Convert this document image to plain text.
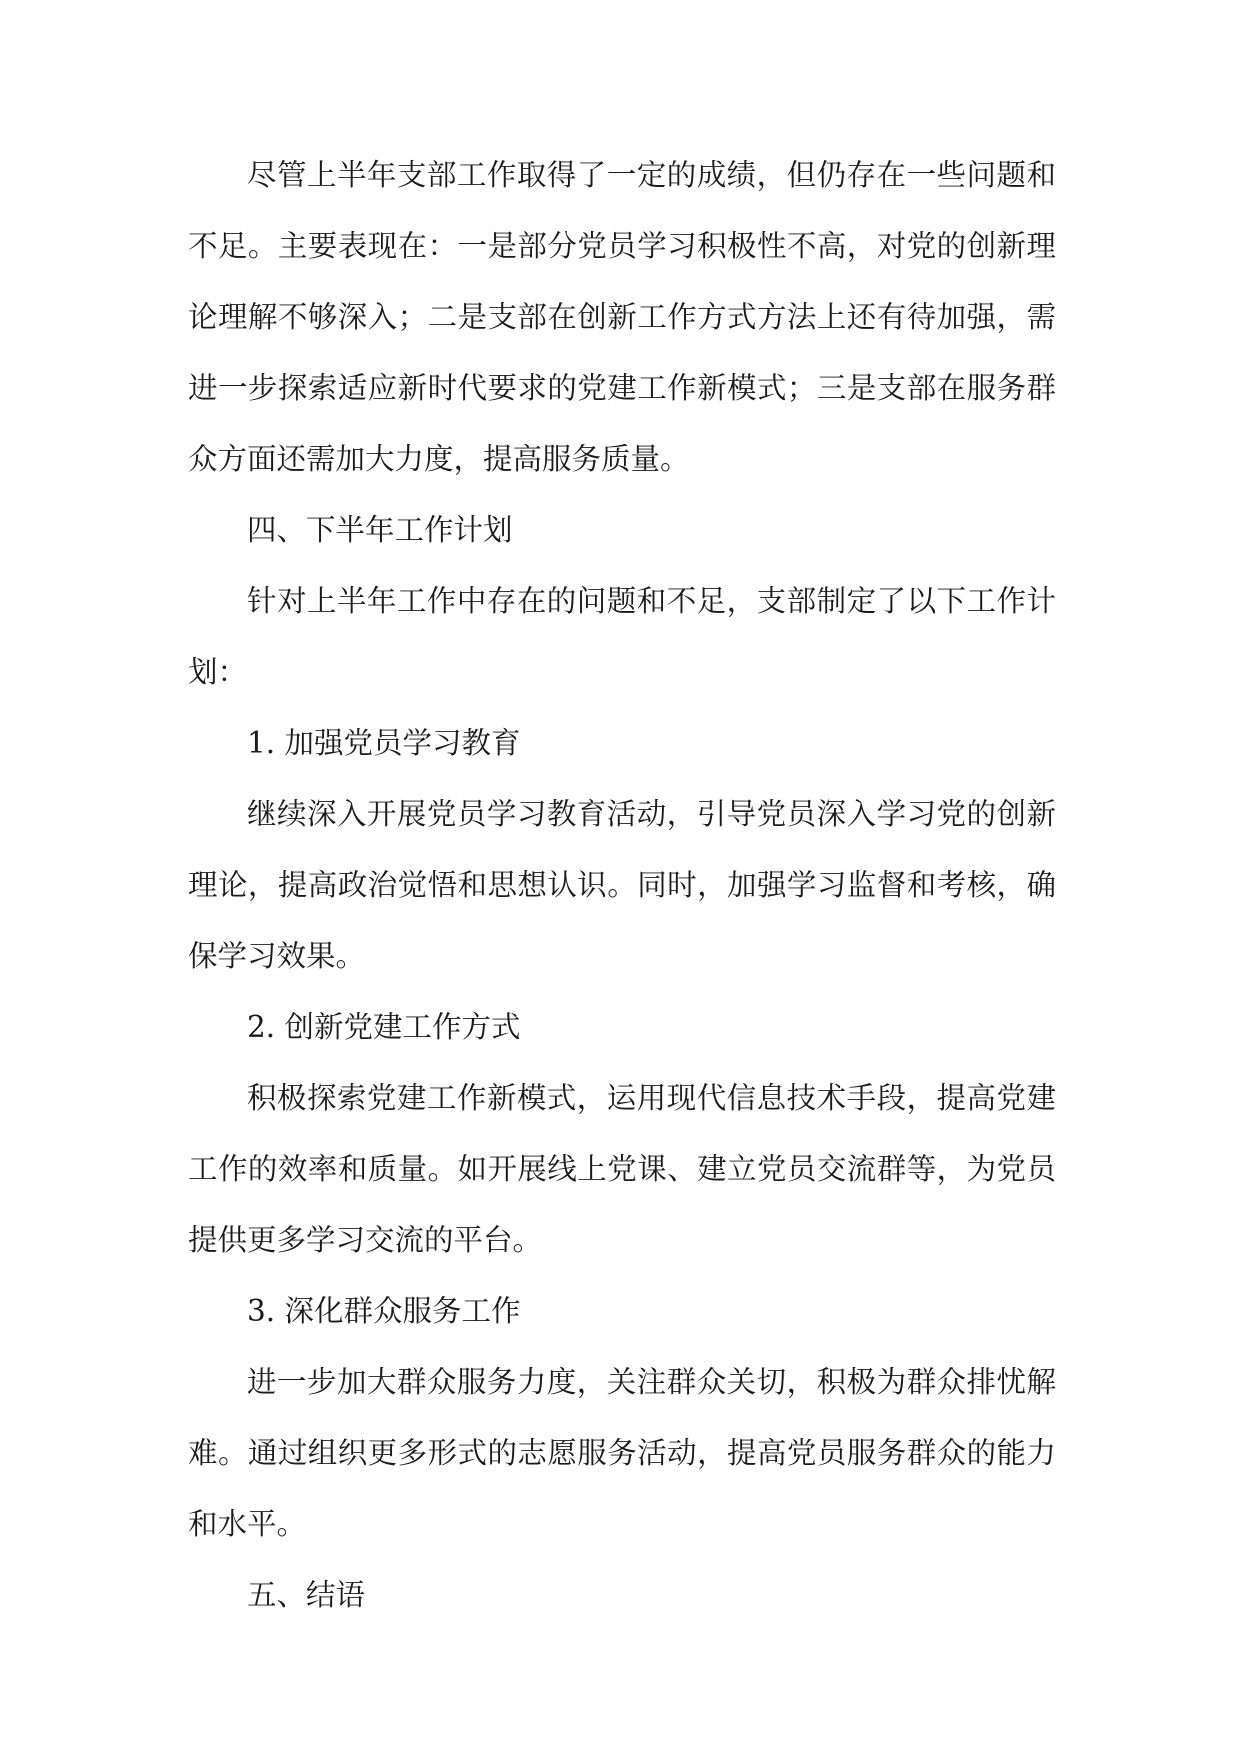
尽管上半年支部工作取得了一定的成绩，但仍存在一些问题和不足。主要表现在：一是部分党员学习积极性不高，对党的创新理论理解不够深入；二是支部在创新工作方式方法上还有待加强，需进一步探索适应新时代要求的党建工作新模式；三是支部在服务群众方面还需加大力度，提高服务质量。

四、下半年工作计划

针对上半年工作中存在的问题和不足，支部制定了以下工作计划：

1. 加强党员学习教育

继续深入开展党员学习教育活动，引导党员深入学习党的创新理论，提高政治觉悟和思想认识。同时，加强学习监督和考核，确保学习效果。

2. 创新党建工作方式

积极探索党建工作新模式，运用现代信息技术手段，提高党建工作的效率和质量。如开展线上党课、建立党员交流群等，为党员提供更多学习交流的平台。

3. 深化群众服务工作

进一步加大群众服务力度，关注群众关切，积极为群众排忧解难。通过组织更多形式的志愿服务活动，提高党员服务群众的能力和水平。

五、结语
